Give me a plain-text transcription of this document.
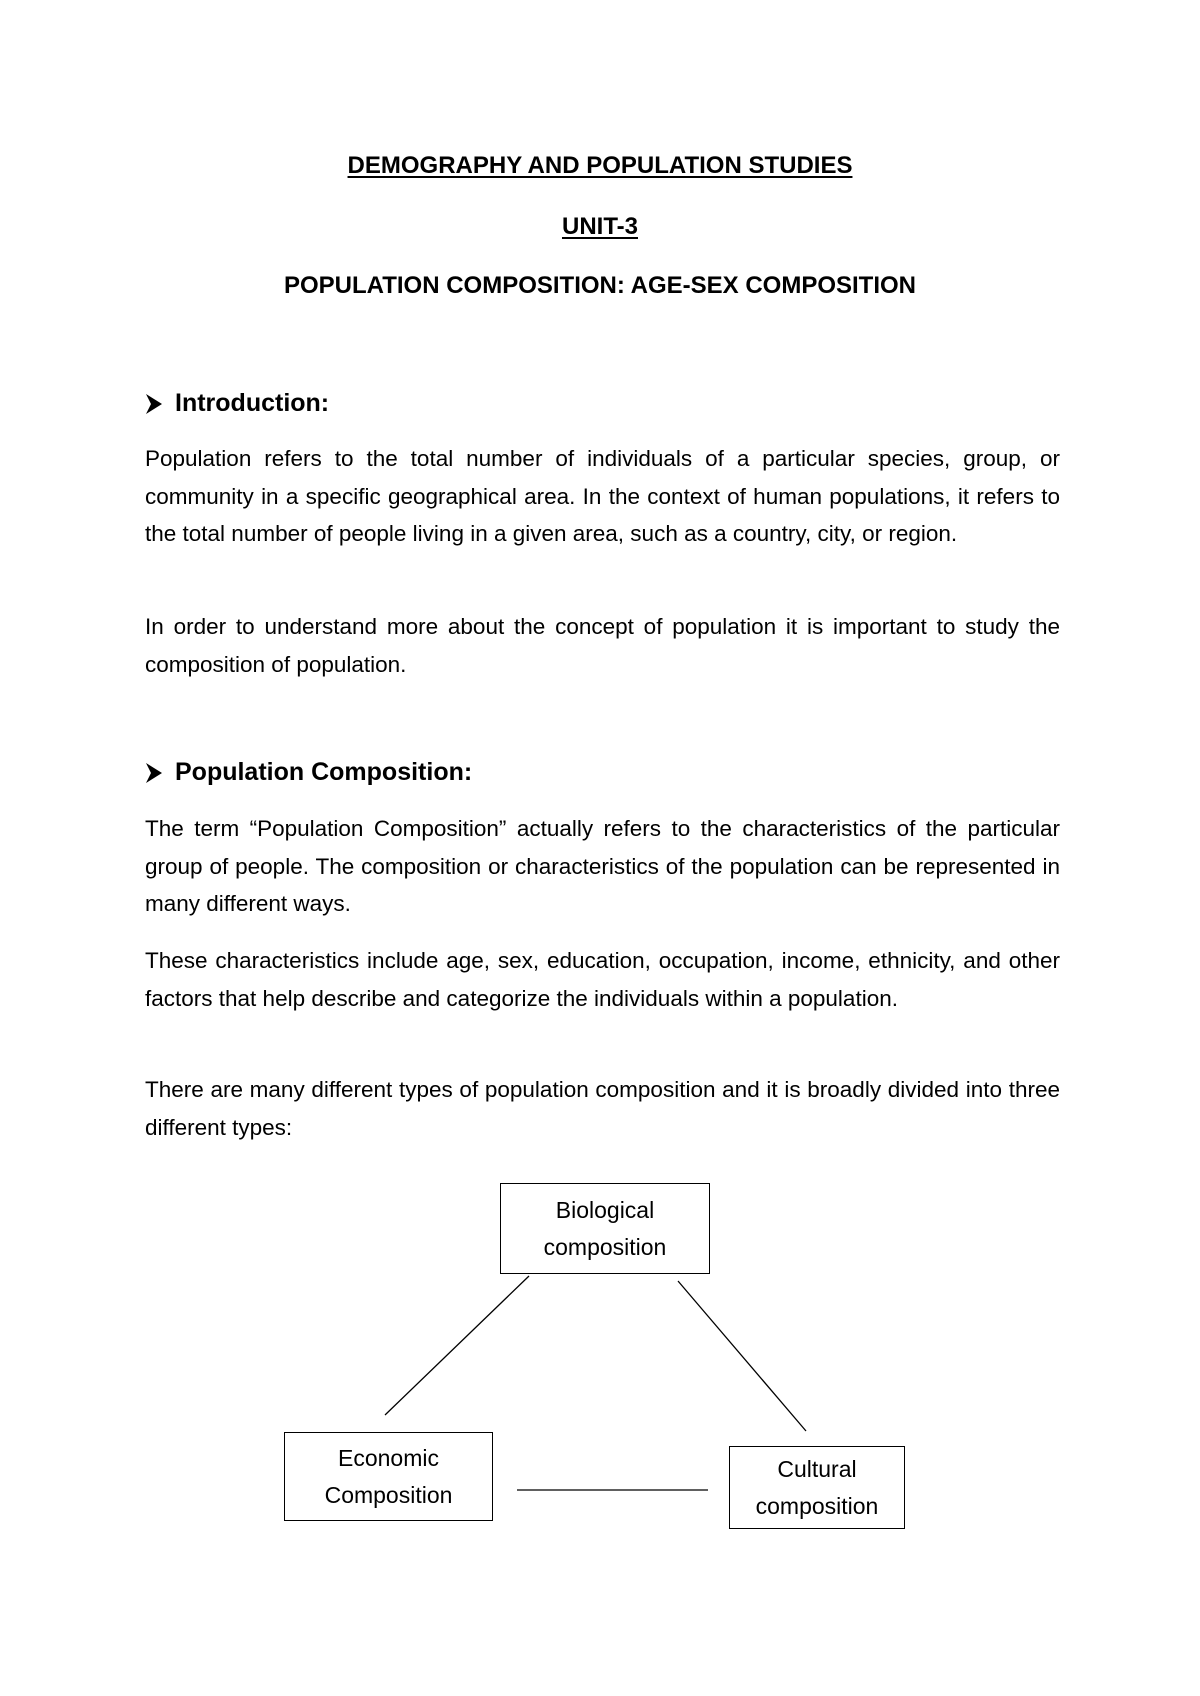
DEMOGRAPHY AND POPULATION STUDIES
UNIT-3
POPULATION COMPOSITION: AGE-SEX COMPOSITION
Introduction:
Population refers to the total number of individuals of a particular species, group, or community in a specific geographical area. In the context of human populations, it refers to the total number of people living in a given area, such as a country, city, or region.
In order to understand more about the concept of population it is important to study the composition of population.
Population Composition:
The term “Population Composition” actually refers to the characteristics of the particular group of people. The composition or characteristics of the population can be represented in many different ways.
These characteristics include age, sex, education, occupation, income, ethnicity, and other factors that help describe and categorize the individuals within a population.
There are many different types of population composition and it is broadly divided into three different types:
Biological
composition
Economic
Composition
Cultural
composition
